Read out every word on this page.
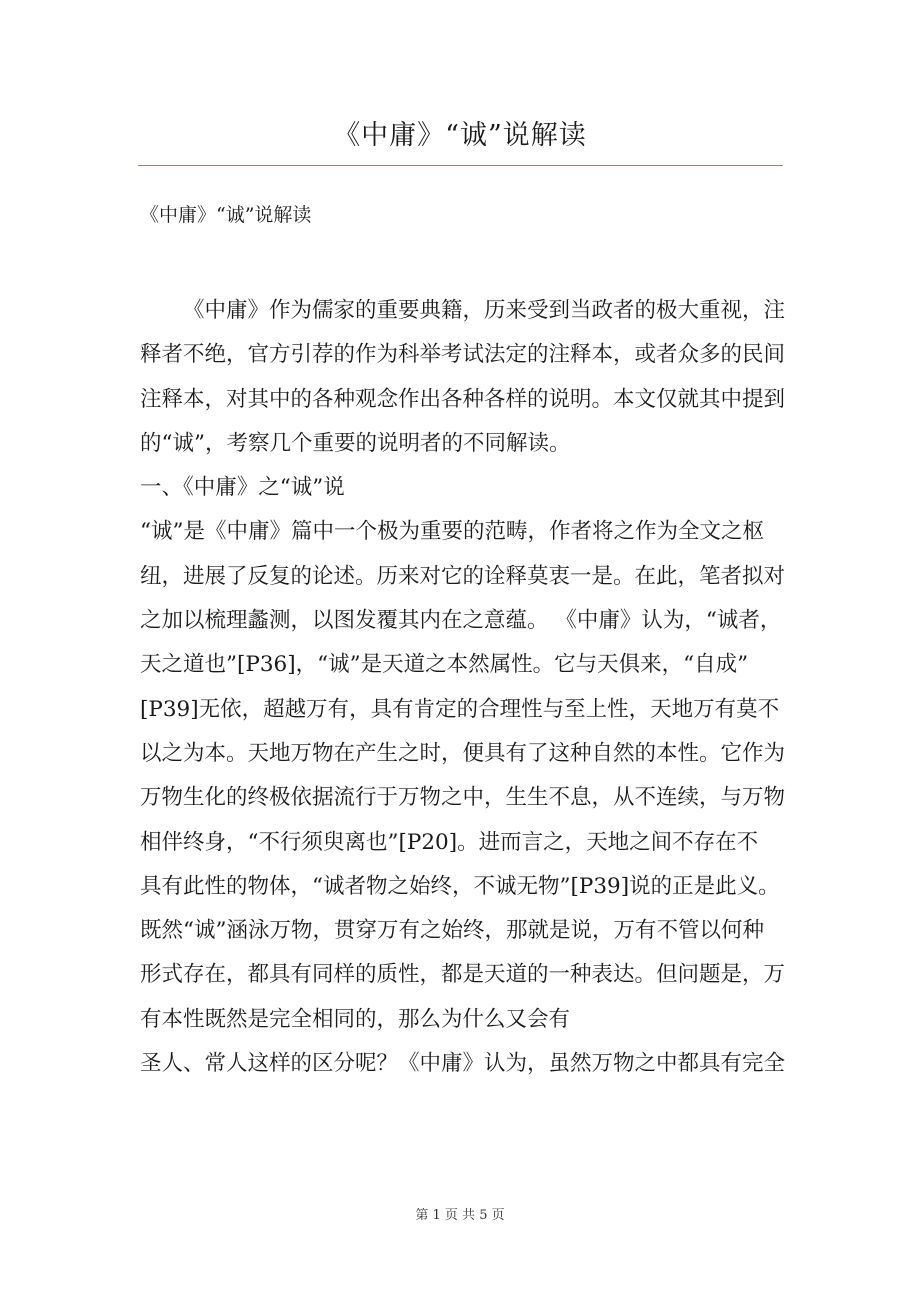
《中庸》“诚”说解读
《中庸》“诚”说解读
《中庸》作为儒家的重要典籍，历来受到当政者的极大重视，注
释者不绝，官方引荐的作为科举考试法定的注释本，或者众多的民间
注释本，对其中的各种观念作出各种各样的说明。本文仅就其中提到
的“诚”，考察几个重要的说明者的不同解读。
一、《中庸》之“诚”说
“诚”是《中庸》篇中一个极为重要的范畴，作者将之作为全文之枢
纽，进展了反复的论述。历来对它的诠释莫衷一是。在此，笔者拟对
之加以梳理蠡测，以图发覆其内在之意蕴。 《中庸》认为，“诚者，
天之道也”[P36]，“诚”是天道之本然属性。它与天俱来，“自成”
[P39]无依，超越万有，具有肯定的合理性与至上性，天地万有莫不
以之为本。天地万物在产生之时，便具有了这种自然的本性。它作为
万物生化的终极依据流行于万物之中，生生不息，从不连续，与万物
相伴终身，“不行须臾离也”[P20]。进而言之，天地之间不存在不
具有此性的物体，“诚者物之始终，不诚无物”[P39]说的正是此义。
既然“诚”涵泳万物，贯穿万有之始终，那就是说，万有不管以何种
形式存在，都具有同样的质性，都是天道的一种表达。但问题是，万
有本性既然是完全相同的，那么为什么又会有
圣人、常人这样的区分呢？《中庸》认为，虽然万物之中都具有完全
第 1 页 共 5 页
